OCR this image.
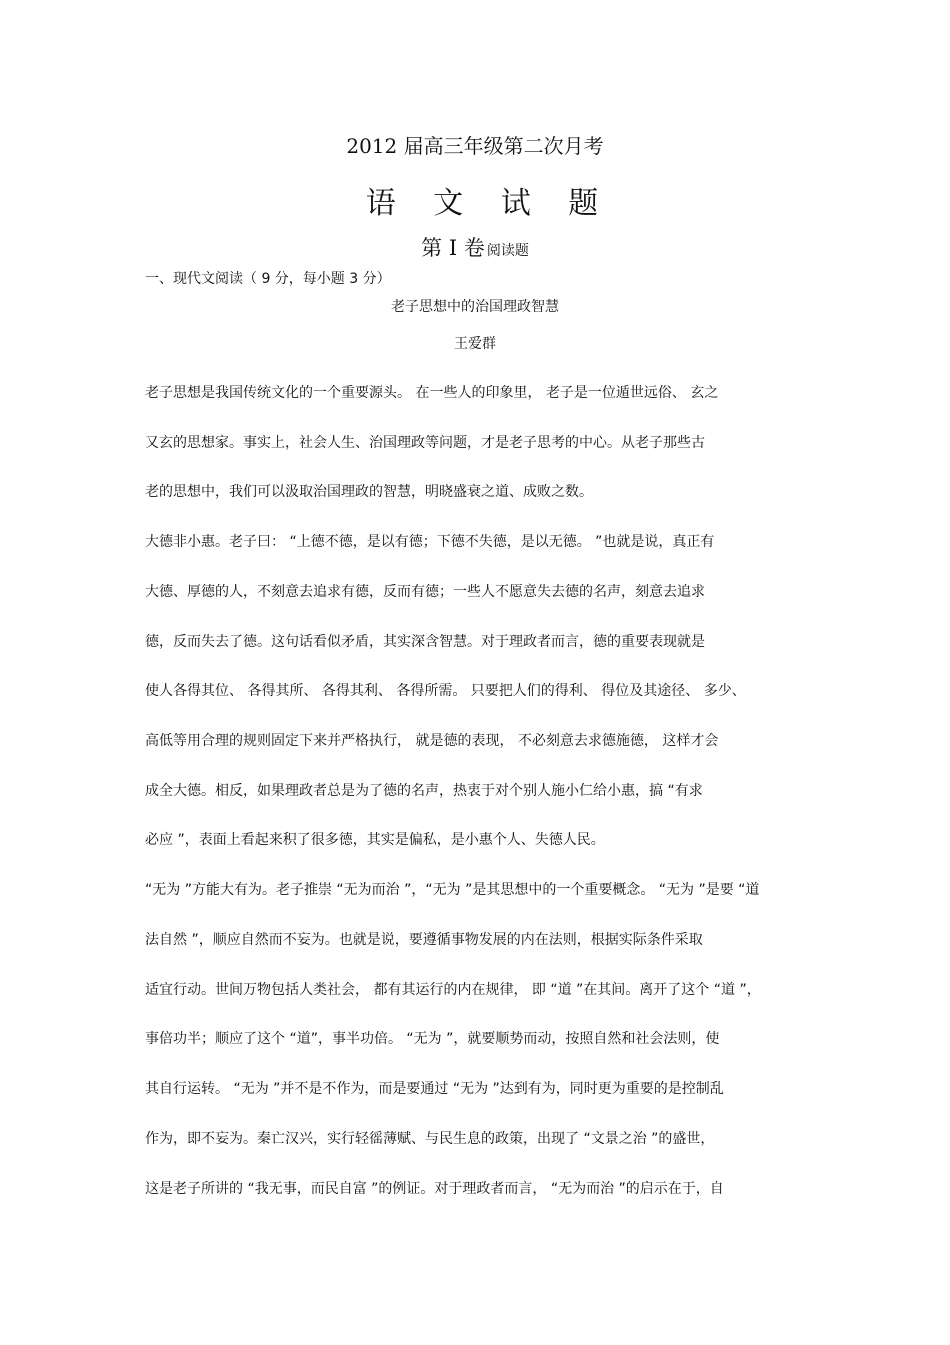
2012 届高三年级第二次月考
语 文 试 题
第 I 卷 阅读题
一、现代文阅读（ 9 分，每小题 3 分）
老子思想中的治国理政智慧
王爱群
老子思想是我国传统文化的一个重要源头。 在一些人的印象里， 老子是一位遁世远俗、 玄之
又玄的思想家。事实上，社会人生、治国理政等问题，才是老子思考的中心。从老子那些古
老的思想中，我们可以汲取治国理政的智慧，明晓盛衰之道、成败之数。
大德非小惠。老子曰： “上德不德，是以有德；下德不失德，是以无德。 ”也就是说，真正有
大德、厚德的人，不刻意去追求有德，反而有德；一些人不愿意失去德的名声，刻意去追求
德，反而失去了德。这句话看似矛盾，其实深含智慧。对于理政者而言，德的重要表现就是
使人各得其位、 各得其所、 各得其利、 各得所需。 只要把人们的得利、 得位及其途径、 多少、
高低等用合理的规则固定下来并严格执行， 就是德的表现， 不必刻意去求德施德， 这样才会
成全大德。相反，如果理政者总是为了德的名声，热衷于对个别人施小仁给小惠，搞 “有求
必应 ”，表面上看起来积了很多德，其实是偏私，是小惠个人、失德人民。
“无为 ”方能大有为。老子推崇 “无为而治 ”，“无为 ”是其思想中的一个重要概念。 “无为 ”是要 “道
法自然 ”，顺应自然而不妄为。也就是说，要遵循事物发展的内在法则，根据实际条件采取
适宜行动。世间万物包括人类社会， 都有其运行的内在规律， 即 “道 ”在其间。离开了这个 “道 ”，
事倍功半；顺应了这个 “道”，事半功倍。 “无为 ”，就要顺势而动，按照自然和社会法则，使
其自行运转。 “无为 ”并不是不作为，而是要通过 “无为 ”达到有为，同时更为重要的是控制乱
作为，即不妄为。秦亡汉兴，实行轻徭薄赋、与民生息的政策，出现了 “文景之治 ”的盛世，
这是老子所讲的 “我无事，而民自富 ”的例证。对于理政者而言， “无为而治 ”的启示在于，自
